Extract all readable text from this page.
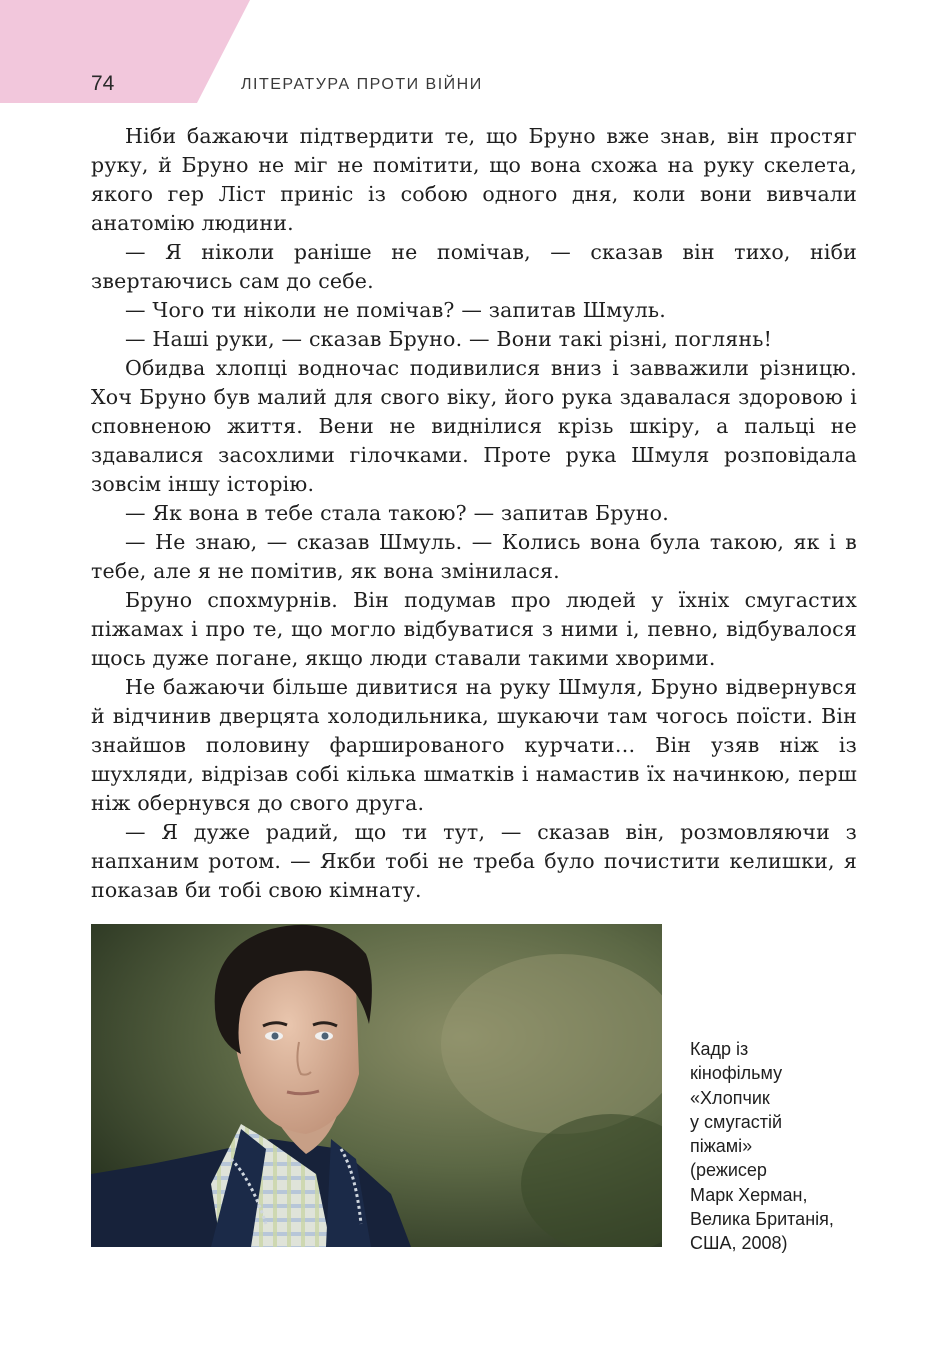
74	ЛІТЕРАТУРА ПРОТИ ВІЙНИ

Ніби бажаючи підтвердити те, що Бруно вже знав, він простяг руку, й Бруно не міг не помітити, що вона схожа на руку скелета, якого гер Ліст приніс із собою одного дня, коли вони вивчали анатомію людини.

— Я ніколи раніше не помічав, — сказав він тихо, ніби звертаючись сам до себе.

— Чого ти ніколи не помічав? — запитав Шмуль.

— Наші руки, — сказав Бруно. — Вони такі різні, поглянь!

Обидва хлопці водночас подивилися вниз і завважили різницю. Хоч Бруно був малий для свого віку, його рука здавалася здоровою і сповненою життя. Вени не виднілися крізь шкіру, а пальці не здавалися засохлими гілочками. Проте рука Шмуля розповідала зовсім іншу історію.

— Як вона в тебе стала такою? — запитав Бруно.

— Не знаю, — сказав Шмуль. — Колись вона була такою, як і в тебе, але я не помітив, як вона змінилася.

Бруно спохмурнів. Він подумав про людей у їхніх смугастих піжамах і про те, що могло відбуватися з ними і, певно, відбувалося щось дуже погане, якщо люди ставали такими хворими.

Не бажаючи більше дивитися на руку Шмуля, Бруно відвернувся й відчинив дверцята холодильника, шукаючи там чогось поїсти. Він знайшов половину фаршированого курчати… Він узяв ніж із шухляди, відрізав собі кілька шматків і намастив їх начинкою, перш ніж обернувся до свого друга.

— Я дуже радий, що ти тут, — сказав він, розмовляючи з напханим ротом. — Якби тобі не треба було почистити келишки, я показав би тобі свою кімнату.

Кадр із
кінофільму
«Хлопчик
у смугастій
піжамі»
(режисер
Марк Херман,
Велика Британія,
США, 2008)
